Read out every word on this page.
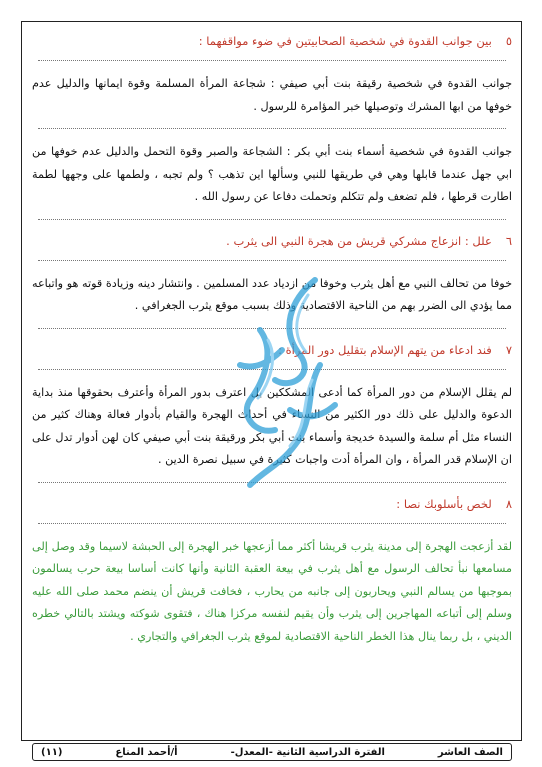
٥بين جوانب القدوة في شخصية الصحابيتين في ضوء مواقفهما :

جوانب القدوة في شخصية رقيقة بنت أبي صيفي : شجاعة المرأة المسلمة وقوة ايمانها والدليل عدم خوفها من ابها المشرك وتوصيلها خبر المؤامرة للرسول .

جوانب القدوة في شخصية أسماء بنت أبي بكر : الشجاعة والصبر وقوة التحمل والدليل عدم خوفها من ابي جهل عندما قابلها وهي في طريقها للنبي وسألها اين تذهب ؟ ولم تجبه ، ولطمها على وجهها لطمة اطارت قرطها ، فلم تضعف ولم تتكلم وتحملت دفاعا عن رسول الله .

٦علل : انزعاج مشركي قريش من هجرة النبي الى يثرب .

خوفا من تحالف النبي مع أهل يثرب وخوفا من ازدياد عدد المسلمين . وانتشار دينه وزيادة قوته هو واتباعه مما يؤدي الى الضرر بهم من الناحية الاقتصادية وذلك بسبب موقع يثرب الجغرافي .

٧فند ادعاء من يتهم الإسلام بتقليل دور المرأة :

لم يقلل الإسلام من دور المرأة كما أدعى المشككين بل اعترف بدور المرأة وأعترف بحقوقها منذ بداية الدعوة والدليل على ذلك دور الكثير من النساء في أحداث الهجرة والقيام بأدوار فعالة وهناك كثير من النساء مثل أم سلمة والسيدة خديجة وأسماء بنت أبي بكر ورقيقة بنت أبي صيفي كان لهن أدوار تدل على ان الإسلام قدر المرأة ، وان المرأة أدت واجبات كثيرة في سبيل نصرة الدين .

٨لخص بأسلوبك نصا :

لقد أزعجت الهجرة إلى مدينة يثرب قريشا أكثر مما أزعجها خبر الهجرة إلى الحبشة لاسيما وقد وصل إلى مسامعها نبأ تحالف الرسول مع أهل يثرب في بيعة العقبة الثانية وأنها كانت أساسا بيعة حرب يسالمون بموجبها من يسالم النبي ويحاربون إلى جانبه من يحارب ، فخافت قريش أن ينضم محمد صلى الله عليه وسلم إلى أتباعه المهاجرين إلى يثرب وأن يقيم لنفسه مركزا هناك ، فتقوى شوكته ويشتد بالتالي خطره الديني ، بل ربما ينال هذا الخطر الناحية الاقتصادية لموقع يثرب الجغرافي والتجاري .

الصف العاشر
الفترة الدراسية الثانية -المعدل-
أ/أحمد المناع
(١١)
